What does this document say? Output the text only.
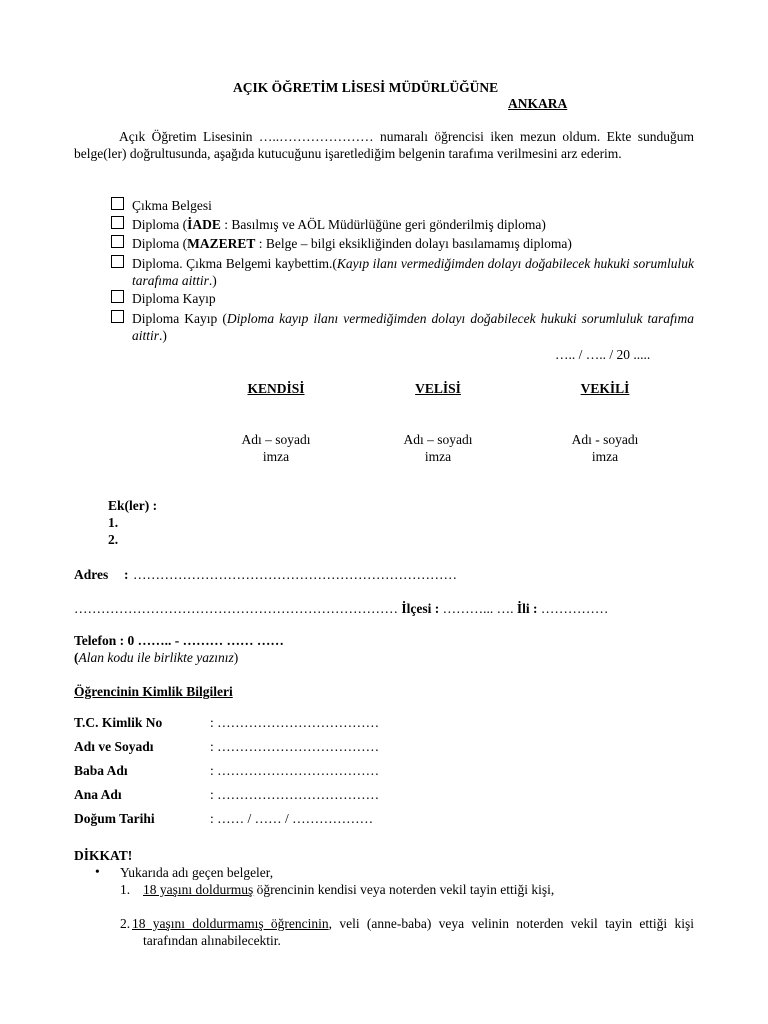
AÇIK ÖĞRETİM LİSESİ MÜDÜRLÜĞÜNE
ANKARA
Açık Öğretim Lisesinin …..………………… numaralı öğrencisi iken mezun oldum. Ekte sunduğum belge(ler) doğrultusunda, aşağıda kutucuğunu işaretlediğim belgenin tarafıma verilmesini arz ederim.
Çıkma Belgesi
Diploma (İADE : Basılmış ve AÖL Müdürlüğüne geri gönderilmiş diploma)
Diploma (MAZERET : Belge – bilgi eksikliğinden dolayı basılamamış diploma)
Diploma. Çıkma Belgemi kaybettim.(Kayıp ilanı vermediğimden dolayı doğabilecek hukuki sorumluluk tarafıma aittir.)
Diploma Kayıp
Diploma Kayıp (Diploma kayıp ilanı vermediğimden dolayı doğabilecek hukuki sorumluluk tarafıma aittir.)
….. / ….. / 20 .....
KENDİSİ
Adı – soyadı
imza
VELİSİ
Adı – soyadı
imza
VEKİLİ
Adı - soyadı
imza
Ek(ler) :
1.
2.
Adres : ………………………………………………………………
……………………………………………………………… İlçesi : ………... …. İli : ……………
Telefon : 0 …….. - ……… …… ……
(Alan kodu ile birlikte yazınız)
Öğrencinin Kimlik Bilgileri
T.C. Kimlik No	: ………………………………
Adı ve Soyadı	: ………………………………
Baba Adı	: ………………………………
Ana Adı	: ………………………………
Doğum Tarihi	: …… / …… / ………………
DİKKAT!
• Yukarıda adı geçen belgeler,
1. 18 yaşını doldurmuş öğrencinin kendisi veya noterden vekil tayin ettiği kişi,
2. 18 yaşını doldurmamış öğrencinin, veli (anne-baba) veya velinin noterden vekil tayin ettiği kişi tarafından alınabilecektir.
